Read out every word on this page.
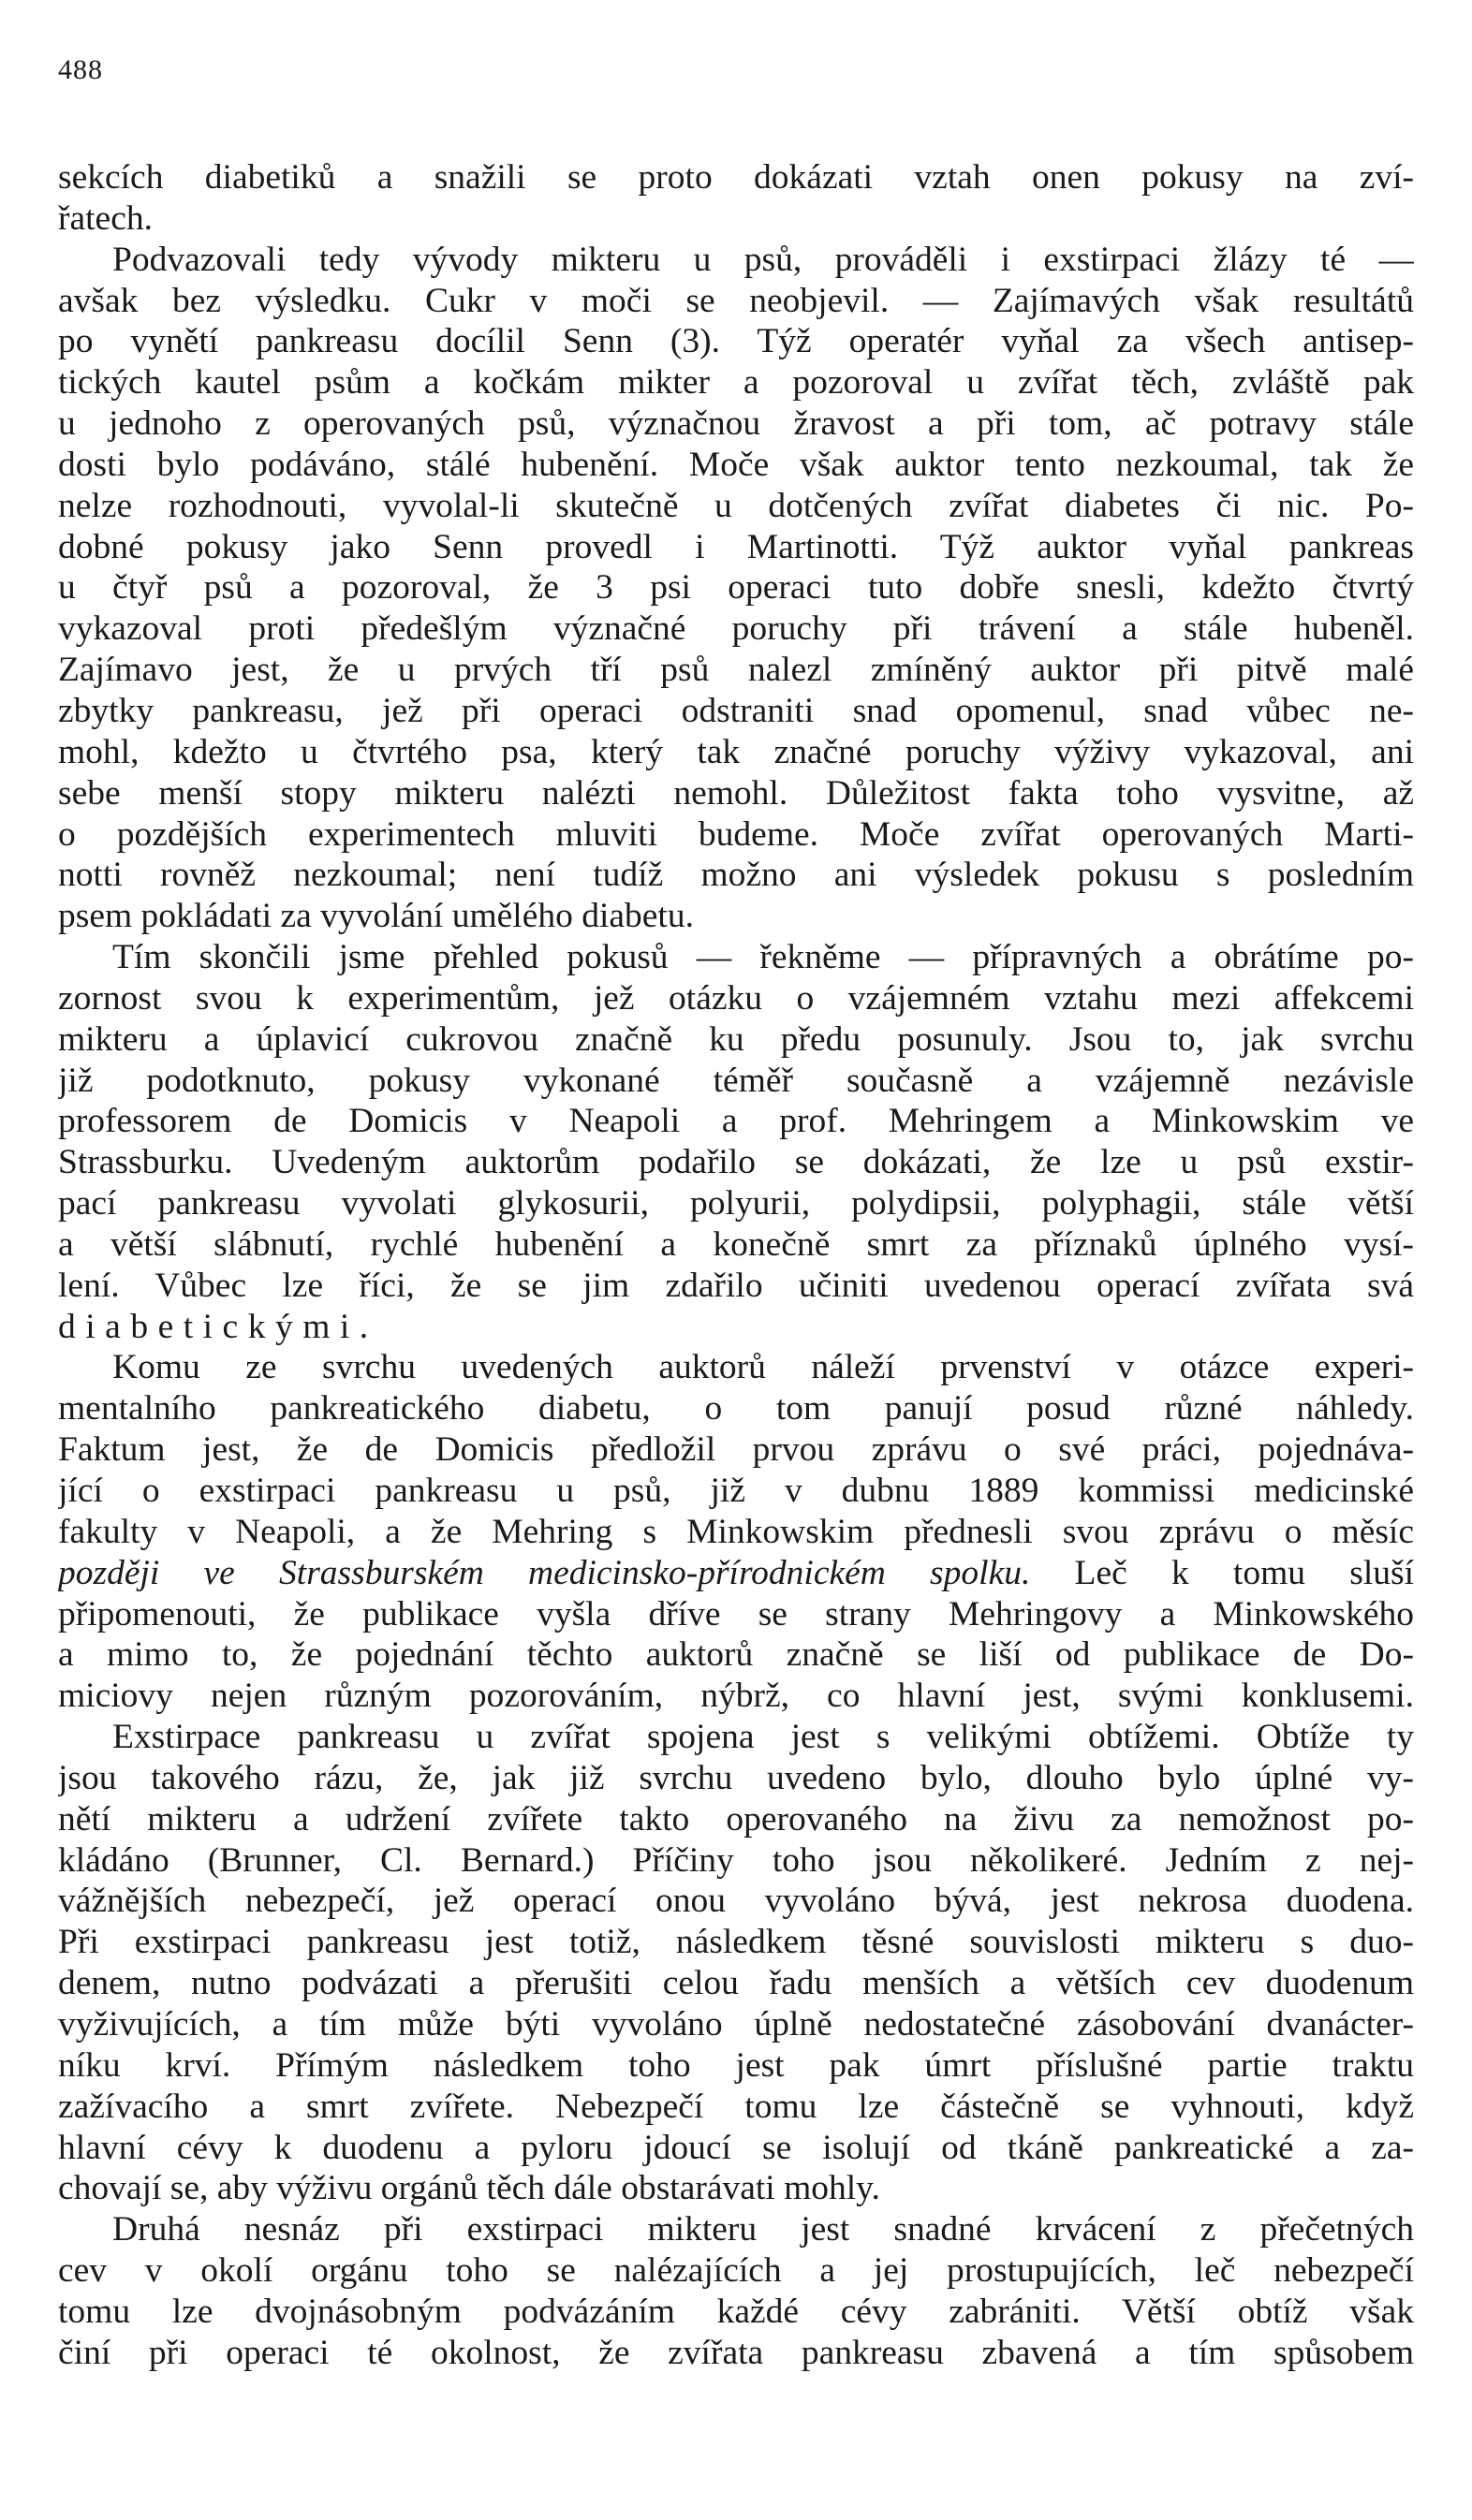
488
sekcích diabetiků a snažili se proto dokázati vztah onen pokusy na zví-
řatech.
Podvazovali tedy vývody mikteru u psů, prováděli i exstirpaci žlázy té —
avšak bez výsledku. Cukr v moči se neobjevil. — Zajímavých však resultátů
po vynětí pankreasu docílil Senn (3). Týž operatér vyňal za všech antisep-
tických kautel psům a kočkám mikter a pozoroval u zvířat těch, zvláště pak
u jednoho z operovaných psů, význačnou žravost a při tom, ač potravy stále
dosti bylo podáváno, stálé hubenění. Moče však auktor tento nezkoumal, tak že
nelze rozhodnouti, vyvolal-li skutečně u dotčených zvířat diabetes či nic. Po-
dobné pokusy jako Senn provedl i Martinotti. Týž auktor vyňal pankreas
u čtyř psů a pozoroval, že 3 psi operaci tuto dobře snesli, kdežto čtvrtý
vykazoval proti předešlým význačné poruchy při trávení a stále hubeněl.
Zajímavo jest, že u prvých tří psů nalezl zmíněný auktor při pitvě malé
zbytky pankreasu, jež při operaci odstraniti snad opomenul, snad vůbec ne-
mohl, kdežto u čtvrtého psa, který tak značné poruchy výživy vykazoval, ani
sebe menší stopy mikteru nalézti nemohl. Důležitost fakta toho vysvitne, až
o pozdějších experimentech mluviti budeme. Moče zvířat operovaných Marti-
notti rovněž nezkoumal; není tudíž možno ani výsledek pokusu s posledním
psem pokládati za vyvolání umělého diabetu.
Tím skončili jsme přehled pokusů — řekněme — přípravných a obrátíme po-
zornost svou k experimentům, jež otázku o vzájemném vztahu mezi affekcemi
mikteru a úplavicí cukrovou značně ku předu posunuly. Jsou to, jak svrchu
již podotknuto, pokusy vykonané téměř současně a vzájemně nezávisle
professorem de Domicis v Neapoli a prof. Mehringem a Minkowskim ve
Strassburku. Uvedeným auktorům podařilo se dokázati, že lze u psů exstir-
pací pankreasu vyvolati glykosurii, polyurii, polydipsii, polyphagii, stále větší
a větší slábnutí, rychlé hubenění a konečně smrt za příznaků úplného vysí-
lení. Vůbec lze říci, že se jim zdařilo učiniti uvedenou operací zvířata svá
diabetickými.
Komu ze svrchu uvedených auktorů náleží prvenství v otázce experi-
mentalního pankreatického diabetu, o tom panují posud různé náhledy.
Faktum jest, že de Domicis předložil prvou zprávu o své práci, pojednáva-
jící o exstirpaci pankreasu u psů, již v dubnu 1889 kommissi medicinské
fakulty v Neapoli, a že Mehring s Minkowskim přednesli svou zprávu o měsíc
později ve Strassburském medicinsko-přírodnickém spolku. Leč k tomu sluší
připomenouti, že publikace vyšla dříve se strany Mehringovy a Minkowského
a mimo to, že pojednání těchto auktorů značně se liší od publikace de Do-
miciovy nejen různým pozorováním, nýbrž, co hlavní jest, svými konklusemi.
Exstirpace pankreasu u zvířat spojena jest s velikými obtížemi. Obtíže ty
jsou takového rázu, že, jak již svrchu uvedeno bylo, dlouho bylo úplné vy-
nětí mikteru a udržení zvířete takto operovaného na živu za nemožnost po-
kládáno (Brunner, Cl. Bernard.) Příčiny toho jsou několikeré. Jedním z nej-
vážnějších nebezpečí, jež operací onou vyvoláno bývá, jest nekrosa duodena.
Při exstirpaci pankreasu jest totiž, následkem těsné souvislosti mikteru s duo-
denem, nutno podvázati a přerušiti celou řadu menších a větších cev duodenum
vyživujících, a tím může býti vyvoláno úplně nedostatečné zásobování dvanácter-
níku krví. Přímým následkem toho jest pak úmrt příslušné partie traktu
zažívacího a smrt zvířete. Nebezpečí tomu lze částečně se vyhnouti, když
hlavní cévy k duodenu a pyloru jdoucí se isolují od tkáně pankreatické a za-
chovají se, aby výživu orgánů těch dále obstarávati mohly.
Druhá nesnáz při exstirpaci mikteru jest snadné krvácení z přečetných
cev v okolí orgánu toho se nalézajících a jej prostupujících, leč nebezpečí
tomu lze dvojnásobným podvázáním každé cévy zabrániti. Větší obtíž však
činí při operaci té okolnost, že zvířata pankreasu zbavená a tím spůsobem
